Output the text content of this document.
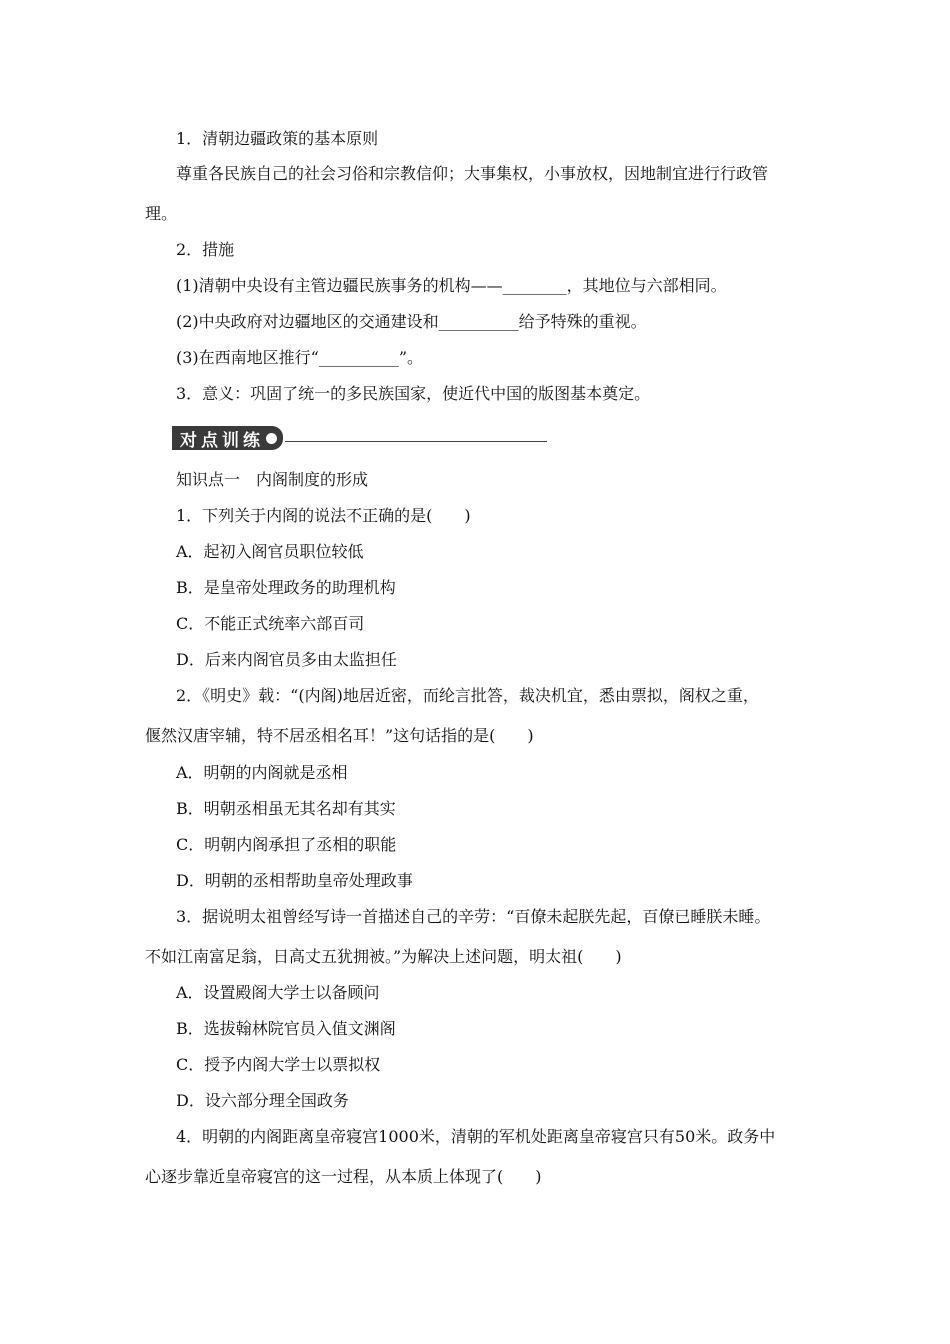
1．清朝边疆政策的基本原则
尊重各民族自己的社会习俗和宗教信仰；大事集权，小事放权，因地制宜进行行政管
理。
2．措施
(1)清朝中央设有主管边疆民族事务的机构——________，其地位与六部相同。
(2)中央政府对边疆地区的交通建设和__________给予特殊的重视。
(3)在西南地区推行“__________”。
3．意义：巩固了统一的多民族国家，使近代中国的版图基本奠定。
对点训练
知识点一　内阁制度的形成
1．下列关于内阁的说法不正确的是(　　)
A．起初入阁官员职位较低
B．是皇帝处理政务的助理机构
C．不能正式统率六部百司
D．后来内阁官员多由太监担任
2．《明史》载：“(内阁)地居近密，而纶言批答，裁决机宜，悉由票拟，阁权之重，
偃然汉唐宰辅，特不居丞相名耳！”这句话指的是(　　)
A．明朝的内阁就是丞相
B．明朝丞相虽无其名却有其实
C．明朝内阁承担了丞相的职能
D．明朝的丞相帮助皇帝处理政事
3．据说明太祖曾经写诗一首描述自己的辛劳：“百僚未起朕先起，百僚已睡朕未睡。
不如江南富足翁，日高丈五犹拥被。”为解决上述问题，明太祖(　　)
A．设置殿阁大学士以备顾问
B．选拔翰林院官员入值文渊阁
C．授予内阁大学士以票拟权
D．设六部分理全国政务
4．明朝的内阁距离皇帝寝宫1000米，清朝的军机处距离皇帝寝宫只有50米。政务中
心逐步靠近皇帝寝宫的这一过程，从本质上体现了(　　)
